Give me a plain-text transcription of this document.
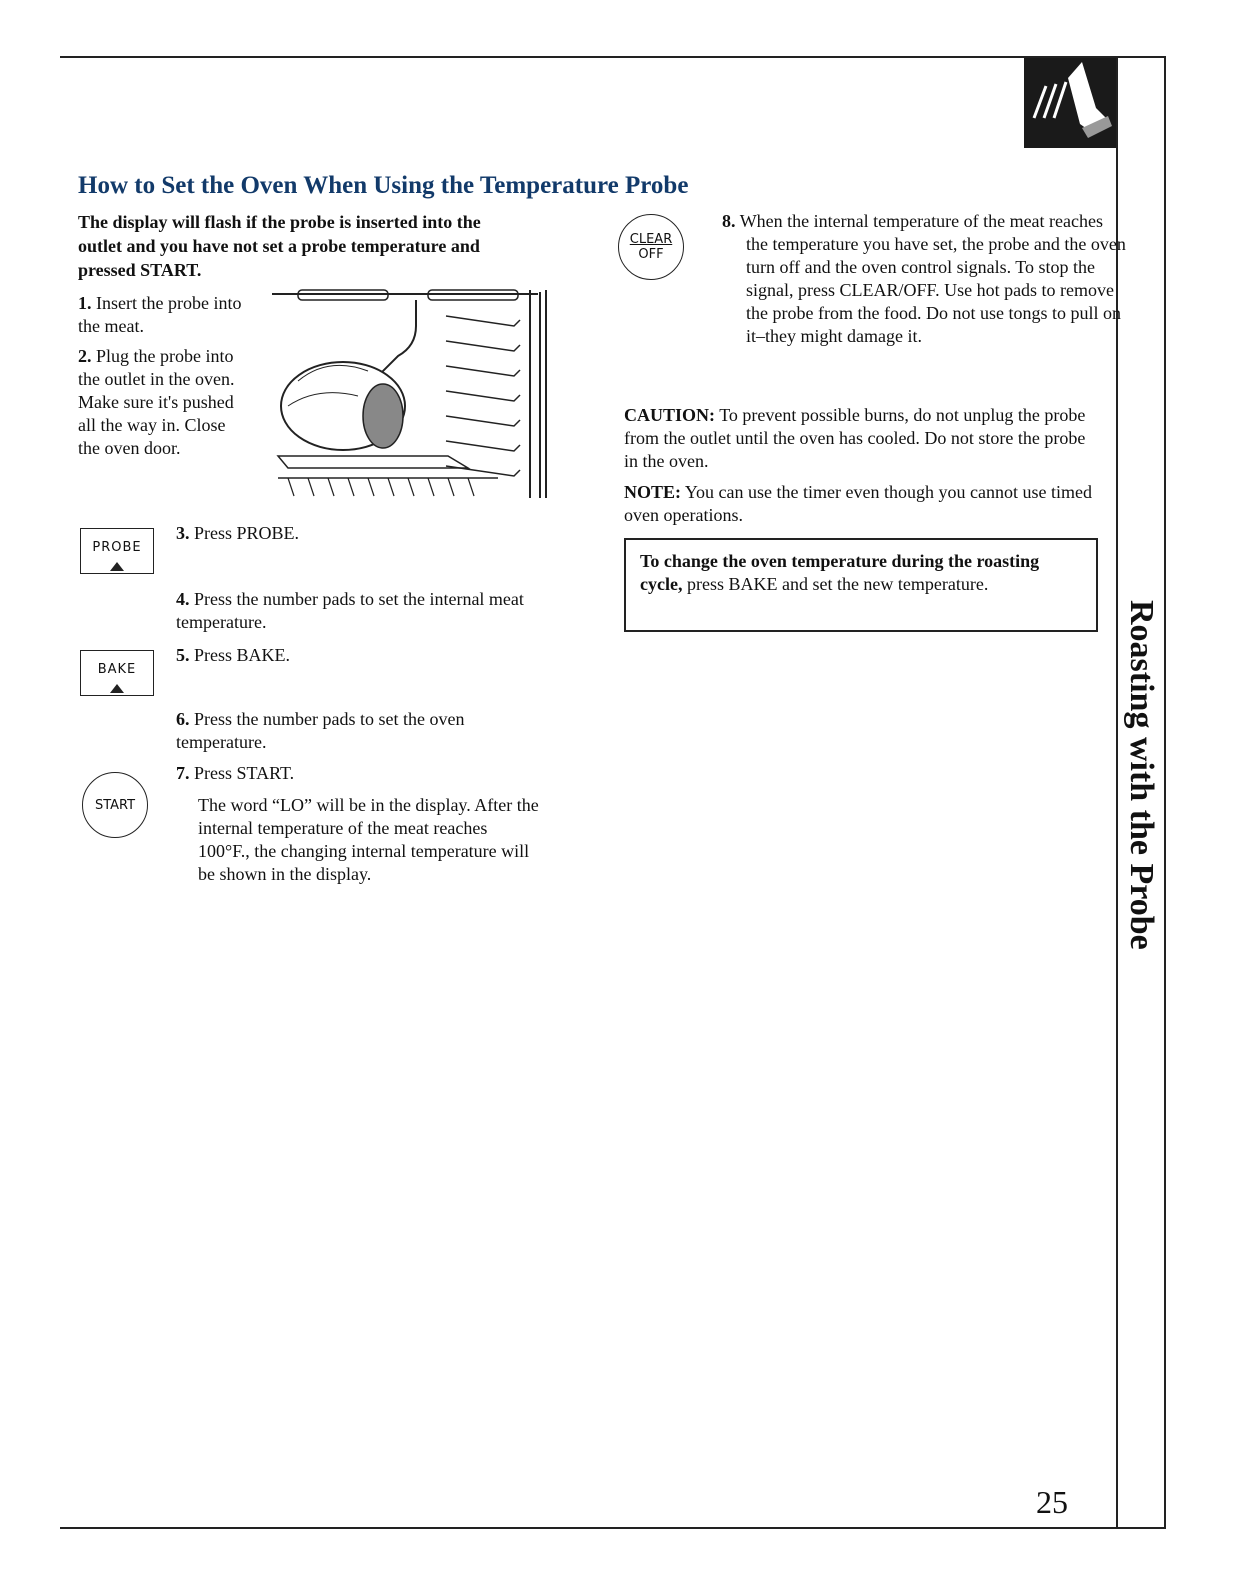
Roasting with the Probe
How to Set the Oven When Using the Temperature Probe
The display will flash if the probe is inserted into the outlet and you have not set a probe temperature and pressed START.
1. Insert the probe into the meat.
2. Plug the probe into the outlet in the oven. Make sure it's pushed all the way in. Close the oven door.
PROBE
3. Press PROBE.
4. Press the number pads to set the internal meat temperature.
BAKE
5. Press BAKE.
6. Press the number pads to set the oven temperature.
START
7. Press START.
The word “LO” will be in the display. After the internal temperature of the meat reaches 100°F., the changing internal temperature will be shown in the display.
CLEAR
OFF
8. When the internal temperature of the meat reaches the temperature you have set, the probe and the oven turn off and the oven control signals. To stop the signal, press CLEAR/OFF. Use hot pads to remove the probe from the food. Do not use tongs to pull on it–they might damage it.
CAUTION: To prevent possible burns, do not unplug the probe from the outlet until the oven has cooled. Do not store the probe in the oven.
NOTE: You can use the timer even though you cannot use timed oven operations.
To change the oven temperature during the roasting cycle, press BAKE and set the new temperature.
25
